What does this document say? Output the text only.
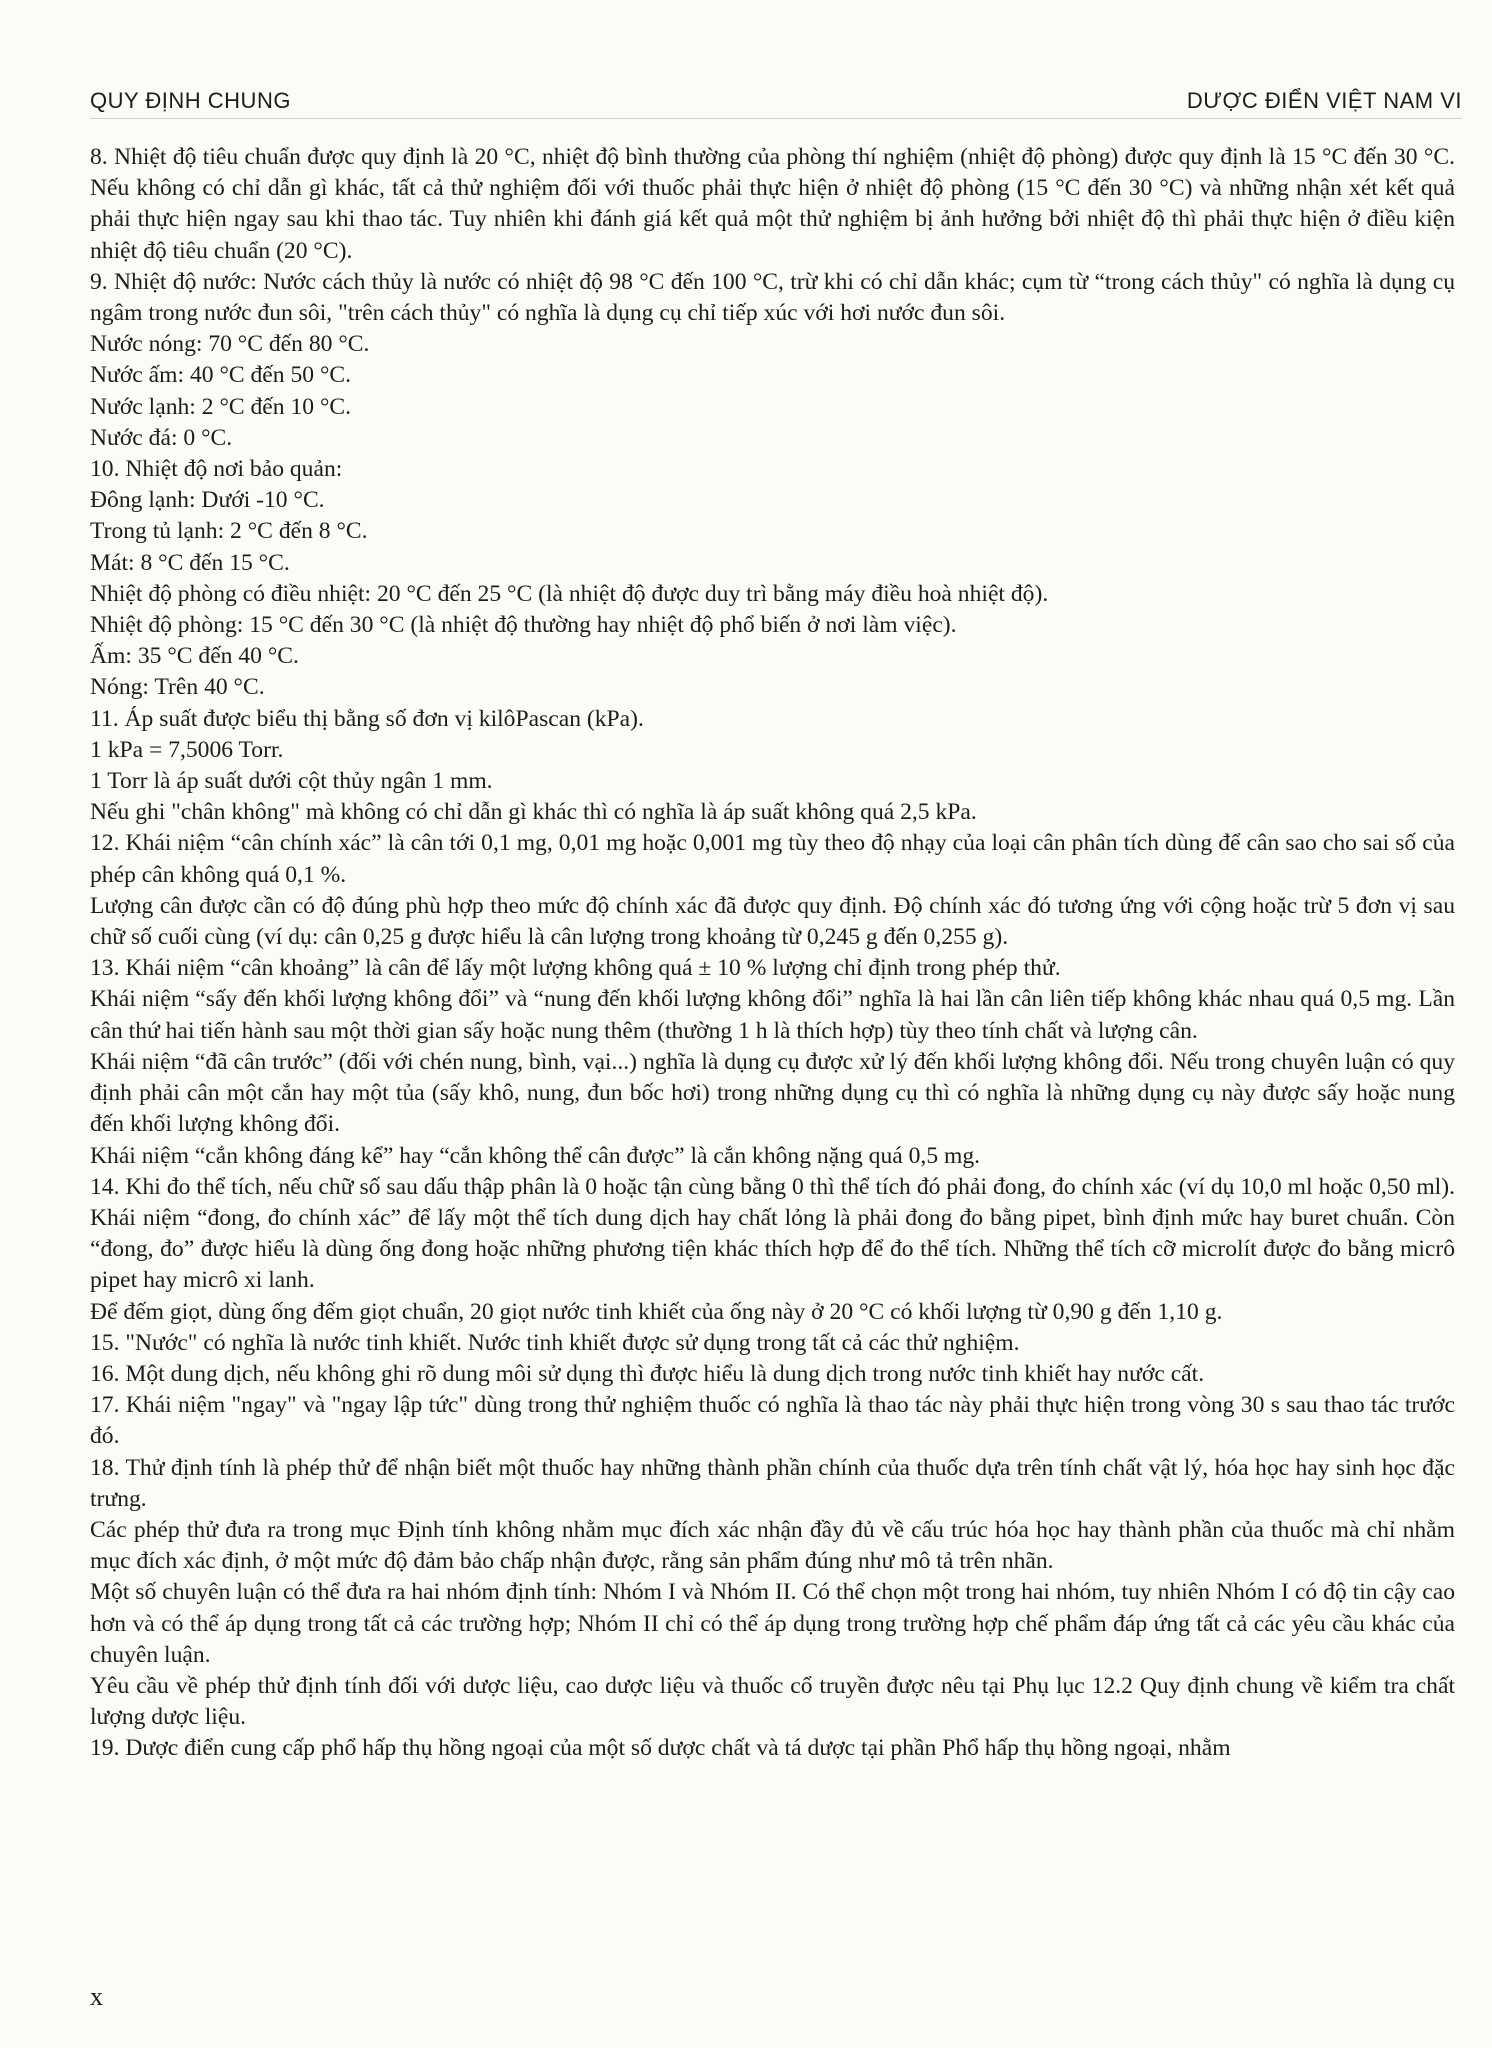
QUY ĐỊNH CHUNG	DƯỢC ĐIỂN VIỆT NAM VI

8. Nhiệt độ tiêu chuẩn được quy định là 20 °C, nhiệt độ bình thường của phòng thí nghiệm (nhiệt độ phòng) được quy định là 15 °C đến 30 °C. Nếu không có chỉ dẫn gì khác, tất cả thử nghiệm đối với thuốc phải thực hiện ở nhiệt độ phòng (15 °C đến 30 °C) và những nhận xét kết quả phải thực hiện ngay sau khi thao tác. Tuy nhiên khi đánh giá kết quả một thử nghiệm bị ảnh hưởng bởi nhiệt độ thì phải thực hiện ở điều kiện nhiệt độ tiêu chuẩn (20 °C).

9. Nhiệt độ nước: Nước cách thủy là nước có nhiệt độ 98 °C đến 100 °C, trừ khi có chỉ dẫn khác; cụm từ “trong cách thủy" có nghĩa là dụng cụ ngâm trong nước đun sôi, "trên cách thủy" có nghĩa là dụng cụ chỉ tiếp xúc với hơi nước đun sôi.

Nước nóng: 70 °C đến 80 °C.

Nước ấm: 40 °C đến 50 °C.

Nước lạnh: 2 °C đến 10 °C.

Nước đá: 0 °C.

10. Nhiệt độ nơi bảo quản:

Đông lạnh: Dưới -10 °C.

Trong tủ lạnh: 2 °C đến 8 °C.

Mát: 8 °C đến 15 °C.

Nhiệt độ phòng có điều nhiệt: 20 °C đến 25 °C (là nhiệt độ được duy trì bằng máy điều hoà nhiệt độ).

Nhiệt độ phòng: 15 °C đến 30 °C (là nhiệt độ thường hay nhiệt độ phổ biến ở nơi làm việc).

Ấm: 35 °C đến 40 °C.

Nóng: Trên 40 °C.

11. Áp suất được biểu thị bằng số đơn vị kilôPascan (kPa).

1 kPa = 7,5006 Torr.

1 Torr là áp suất dưới cột thủy ngân 1 mm.

Nếu ghi "chân không" mà không có chỉ dẫn gì khác thì có nghĩa là áp suất không quá 2,5 kPa.

12. Khái niệm “cân chính xác” là cân tới 0,1 mg, 0,01 mg hoặc 0,001 mg tùy theo độ nhạy của loại cân phân tích dùng để cân sao cho sai số của phép cân không quá 0,1 %.

Lượng cân được cần có độ đúng phù hợp theo mức độ chính xác đã được quy định. Độ chính xác đó tương ứng với cộng hoặc trừ 5 đơn vị sau chữ số cuối cùng (ví dụ: cân 0,25 g được hiểu là cân lượng trong khoảng từ 0,245 g đến 0,255 g).

13. Khái niệm “cân khoảng” là cân để lấy một lượng không quá ± 10 % lượng chỉ định trong phép thử.

Khái niệm “sấy đến khối lượng không đổi” và “nung đến khối lượng không đổi” nghĩa là hai lần cân liên tiếp không khác nhau quá 0,5 mg. Lần cân thứ hai tiến hành sau một thời gian sấy hoặc nung thêm (thường 1 h là thích hợp) tùy theo tính chất và lượng cân.

Khái niệm “đã cân trước” (đối với chén nung, bình, vại...) nghĩa là dụng cụ được xử lý đến khối lượng không đổi. Nếu trong chuyên luận có quy định phải cân một cắn hay một tủa (sấy khô, nung, đun bốc hơi) trong những dụng cụ thì có nghĩa là những dụng cụ này được sấy hoặc nung đến khối lượng không đổi.

Khái niệm “cắn không đáng kể” hay “cắn không thể cân được” là cắn không nặng quá 0,5 mg.

14. Khi đo thể tích, nếu chữ số sau dấu thập phân là 0 hoặc tận cùng bằng 0 thì thể tích đó phải đong, đo chính xác (ví dụ 10,0 ml hoặc 0,50 ml). Khái niệm “đong, đo chính xác” để lấy một thể tích dung dịch hay chất lỏng là phải đong đo bằng pipet, bình định mức hay buret chuẩn. Còn “đong, đo” được hiểu là dùng ống đong hoặc những phương tiện khác thích hợp để đo thể tích. Những thể tích cỡ microlít được đo bằng micrô pipet hay micrô xi lanh.

Để đếm giọt, dùng ống đếm giọt chuẩn, 20 giọt nước tinh khiết của ống này ở 20 °C có khối lượng từ 0,90 g đến 1,10 g.

15. "Nước" có nghĩa là nước tinh khiết. Nước tinh khiết được sử dụng trong tất cả các thử nghiệm.

16. Một dung dịch, nếu không ghi rõ dung môi sử dụng thì được hiểu là dung dịch trong nước tinh khiết hay nước cất.

17. Khái niệm "ngay" và "ngay lập tức" dùng trong thử nghiệm thuốc có nghĩa là thao tác này phải thực hiện trong vòng 30 s sau thao tác trước đó.

18. Thử định tính là phép thử để nhận biết một thuốc hay những thành phần chính của thuốc dựa trên tính chất vật lý, hóa học hay sinh học đặc trưng.

Các phép thử đưa ra trong mục Định tính không nhằm mục đích xác nhận đầy đủ về cấu trúc hóa học hay thành phần của thuốc mà chỉ nhằm mục đích xác định, ở một mức độ đảm bảo chấp nhận được, rằng sản phẩm đúng như mô tả trên nhãn.

Một số chuyên luận có thể đưa ra hai nhóm định tính: Nhóm I và Nhóm II. Có thể chọn một trong hai nhóm, tuy nhiên Nhóm I có độ tin cậy cao hơn và có thể áp dụng trong tất cả các trường hợp; Nhóm II chỉ có thể áp dụng trong trường hợp chế phẩm đáp ứng tất cả các yêu cầu khác của chuyên luận.

Yêu cầu về phép thử định tính đối với dược liệu, cao dược liệu và thuốc cổ truyền được nêu tại Phụ lục 12.2 Quy định chung về kiểm tra chất lượng dược liệu.

19. Dược điển cung cấp phổ hấp thụ hồng ngoại của một số dược chất và tá dược tại phần Phổ hấp thụ hồng ngoại, nhằm

x
